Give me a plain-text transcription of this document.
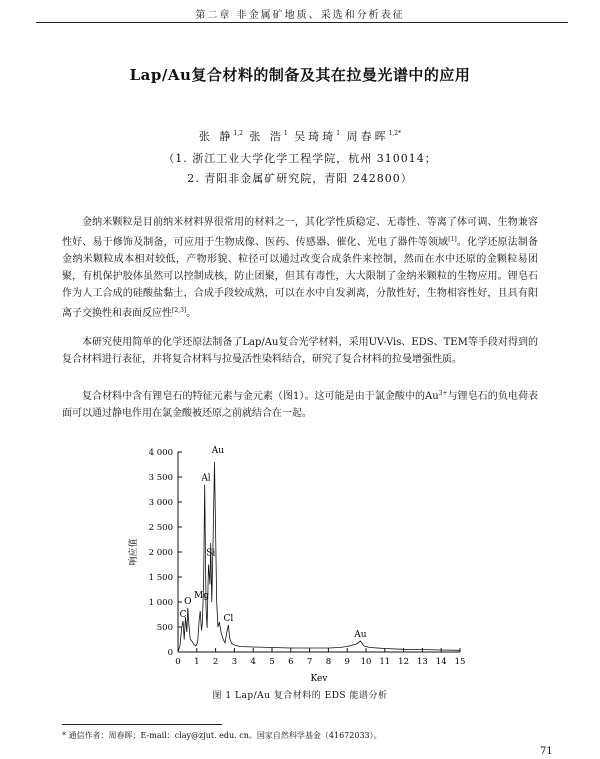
第二章 非金属矿地质、采选和分析表征
Lap/Au复合材料的制备及其在拉曼光谱中的应用
张 静$^{1,2}$ 张 浩$^1$ 吴琦琦$^1$ 周春晖$^{1,2*}$
（1. 浙江工业大学化学工程学院，杭州 310014；
2. 青阳非金属矿研究院，青阳 242800）

金纳米颗粒是目前纳米材料界很常用的材料之一，其化学性质稳定、无毒性、等离了体可调、生物兼容性好、易于修饰及制备，可应用于生物成像、医药、传感器、催化、光电了器件等领域[1]。化学还原法制备金纳米颗粒成本相对较低，产物形貌、粒径可以通过改变合成条件来控制，然而在水中还原的金颗粒易团聚，有机保护胶体虽然可以控制成核，防止团聚，但其有毒性，大大限制了金纳米颗粒的生物应用。锂皂石作为人工合成的硅酸盐黏土，合成手段较成熟，可以在水中自发剥离，分散性好，生物相容性好，且具有阳离子交换性和表面反应性[2,3]。

本研究使用简单的化学还原法制备了Lap/Au复合光学材料，采用UV-Vis、EDS、TEM等手段对得到的复合材料进行表征，并将复合材料与拉曼活性染料结合，研究了复合材料的拉曼增强性质。

复合材料中含有锂皂石的特征元素与金元素（图1）。这可能是由于氯金酸中的$Au^{3+}$与锂皂石的负电荷表面可以通过静电作用在氯金酸被还原之前就结合在一起。

0
500
1 000
1 500
2 000
2 500
3 000
3 500
4 000
0 1 2 3 4 5 6 7 8 9 10 11 12 13 14 15
C
O
Mg
Al
Si
Au
Cl
Au
Kev
响应值
图 1 Lap/Au 复合材料的 EDS 能谱分析
* 通信作者：周春晖；E-mail：clay@zjut. edu. cn。国家自然科学基金（41672033）。
71
